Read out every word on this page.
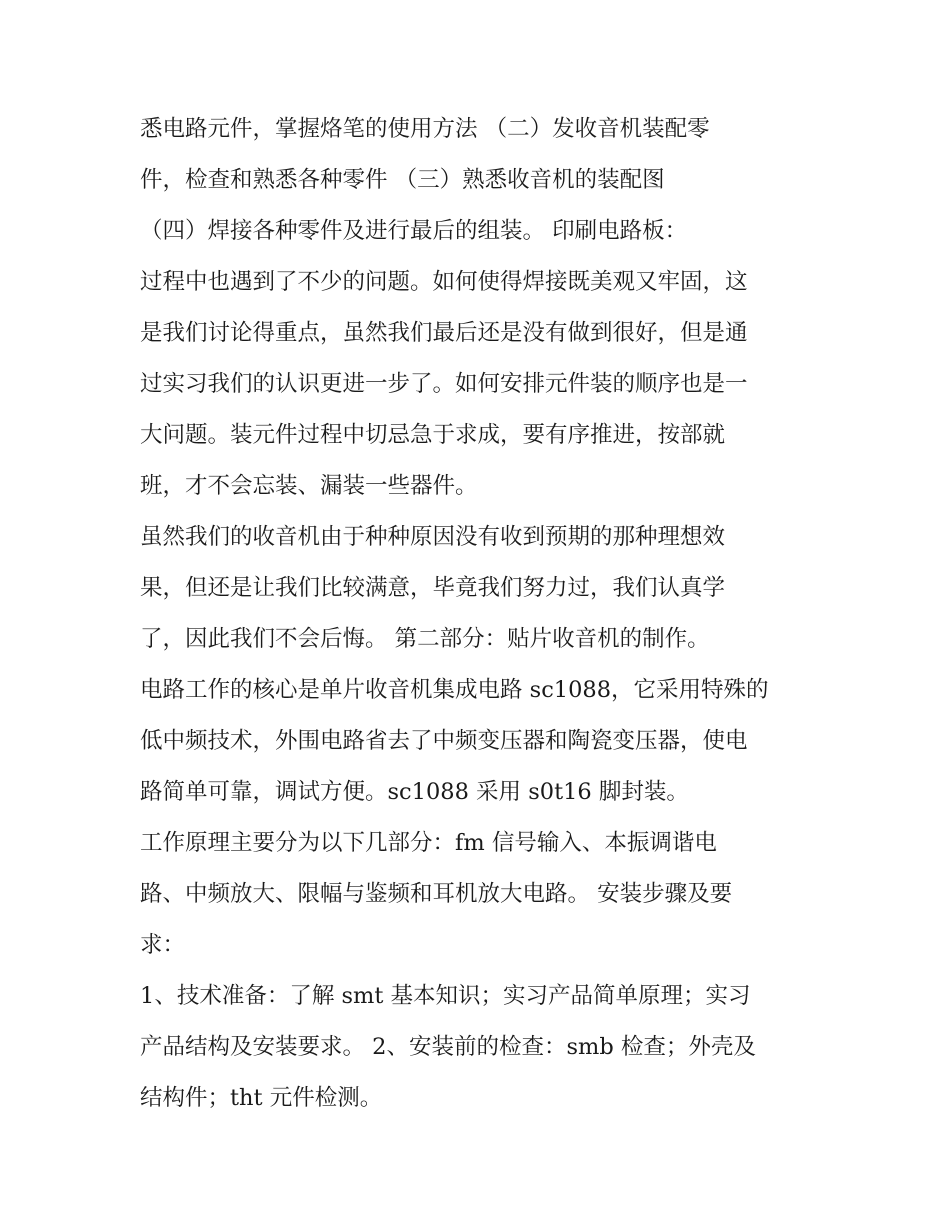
悉电路元件，掌握烙笔的使用方法 （二）发收音机装配零
件，检查和熟悉各种零件 （三）熟悉收音机的装配图
（四）焊接各种零件及进行最后的组装。 印刷电路板：
过程中也遇到了不少的问题。如何使得焊接既美观又牢固，这
是我们讨论得重点，虽然我们最后还是没有做到很好，但是通
过实习我们的认识更进一步了。如何安排元件装的顺序也是一
大问题。装元件过程中切忌急于求成，要有序推进，按部就
班，才不会忘装、漏装一些器件。
虽然我们的收音机由于种种原因没有收到预期的那种理想效
果，但还是让我们比较满意，毕竟我们努力过，我们认真学
了，因此我们不会后悔。 第二部分：贴片收音机的制作。
电路工作的核心是单片收音机集成电路 sc1088，它采用特殊的
低中频技术，外围电路省去了中频变压器和陶瓷变压器，使电
路简单可靠，调试方便。sc1088 采用 s0t16 脚封装。
工作原理主要分为以下几部分：fm 信号输入、本振调谐电
路、中频放大、限幅与鉴频和耳机放大电路。 安装步骤及要
求：
1、技术准备：了解 smt 基本知识；实习产品简单原理；实习
产品结构及安装要求。 2、安装前的检查：smb 检查；外壳及
结构件；tht 元件检测。
